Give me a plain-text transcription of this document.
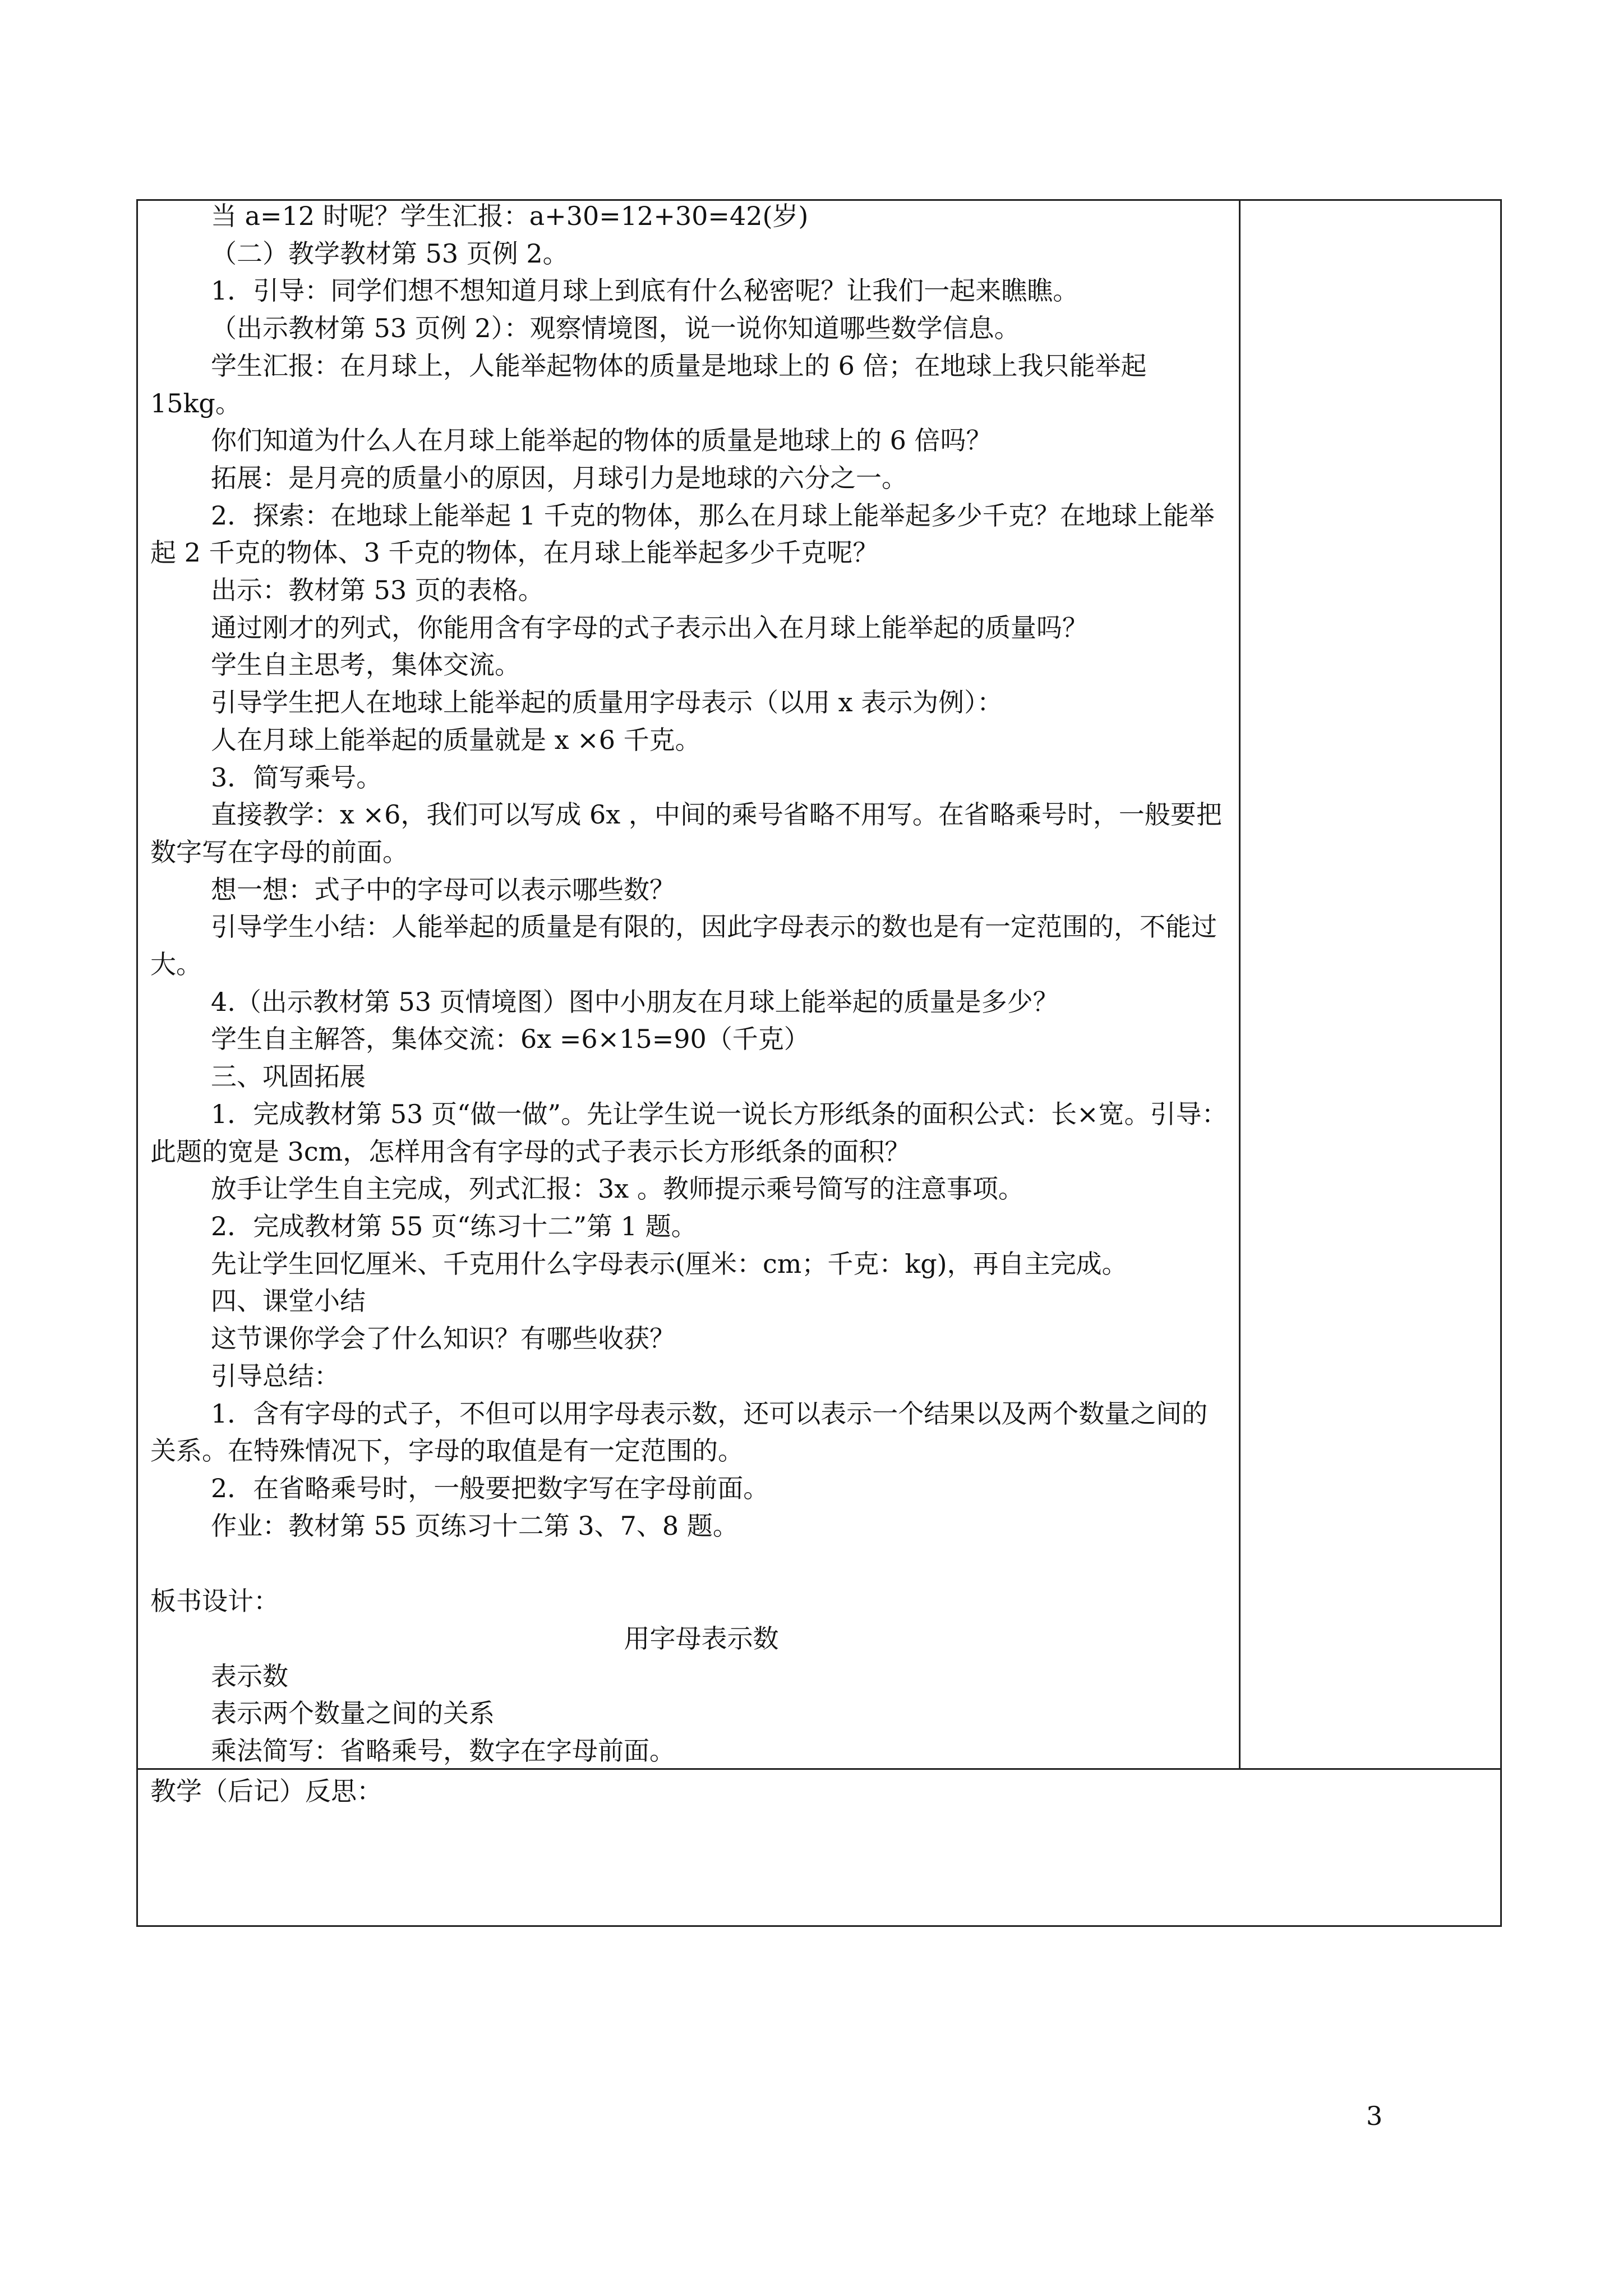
当 a=12 时呢？学生汇报：a+30=12+30=42(岁)

（二）教学教材第 53 页例 2。

1．引导：同学们想不想知道月球上到底有什么秘密呢？让我们一起来瞧瞧。

（出示教材第 53 页例 2）：观察情境图，说一说你知道哪些数学信息。

学生汇报：在月球上，人能举起物体的质量是地球上的 6 倍；在地球上我只能举起 15kg。

你们知道为什么人在月球上能举起的物体的质量是地球上的 6 倍吗？

拓展：是月亮的质量小的原因，月球引力是地球的六分之一。

2．探索：在地球上能举起 1 千克的物体，那么在月球上能举起多少千克？在地球上能举起 2 千克的物体、3 千克的物体，在月球上能举起多少千克呢？

出示：教材第 53 页的表格。

通过刚才的列式，你能用含有字母的式子表示出入在月球上能举起的质量吗？

学生自主思考，集体交流。

引导学生把人在地球上能举起的质量用字母表示（以用 x 表示为例）：

人在月球上能举起的质量就是 x ×6 千克。

3．简写乘号。

直接教学：x ×6，我们可以写成 6x ，中间的乘号省略不用写。在省略乘号时，一般要把数字写在字母的前面。

想一想：式子中的字母可以表示哪些数？

引导学生小结：人能举起的质量是有限的，因此字母表示的数也是有一定范围的，不能过大。

4.（出示教材第 53 页情境图）图中小朋友在月球上能举起的质量是多少？

学生自主解答，集体交流：6x =6×15=90（千克）

三、巩固拓展

1．完成教材第 53 页“做一做”。先让学生说一说长方形纸条的面积公式：长×宽。引导：此题的宽是 3cm，怎样用含有字母的式子表示长方形纸条的面积？

放手让学生自主完成，列式汇报：3x 。教师提示乘号简写的注意事项。

2．完成教材第 55 页“练习十二”第 1 题。

先让学生回忆厘米、千克用什么字母表示(厘米：cm；千克：kg)，再自主完成。

四、课堂小结

这节课你学会了什么知识？有哪些收获？

引导总结：

1．含有字母的式子，不但可以用字母表示数，还可以表示一个结果以及两个数量之间的关系。在特殊情况下，字母的取值是有一定范围的。

2．在省略乘号时，一般要把数字写在字母前面。

作业：教材第 55 页练习十二第 3、7、8 题。

板书设计：

用字母表示数

表示数

表示两个数量之间的关系

乘法简写：省略乘号，数字在字母前面。

教学（后记）反思：
3
